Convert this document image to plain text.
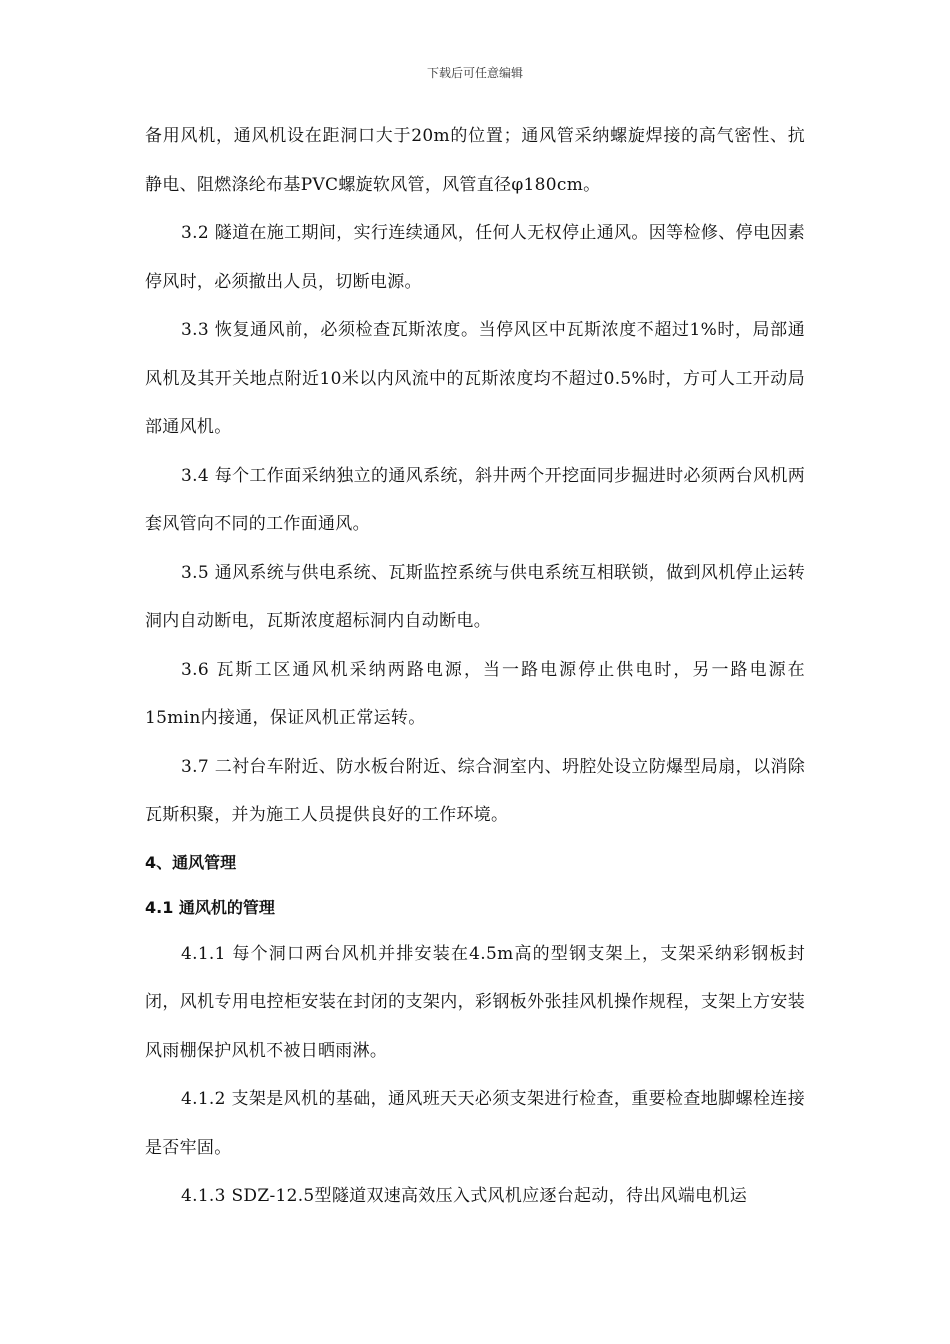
下载后可任意编辑

备用风机，通风机设在距洞口大于20m的位置；通风管采纳螺旋焊接的高气密性、抗静电、阻燃涤纶布基PVC螺旋软风管，风管直径φ180cm。

3.2 隧道在施工期间，实行连续通风，任何人无权停止通风。因等检修、停电因素停风时，必须撤出人员，切断电源。

3.3 恢复通风前，必须检查瓦斯浓度。当停风区中瓦斯浓度不超过1%时，局部通风机及其开关地点附近10米以内风流中的瓦斯浓度均不超过0.5%时，方可人工开动局部通风机。

3.4 每个工作面采纳独立的通风系统，斜井两个开挖面同步掘进时必须两台风机两套风管向不同的工作面通风。

3.5 通风系统与供电系统、瓦斯监控系统与供电系统互相联锁，做到风机停止运转洞内自动断电，瓦斯浓度超标洞内自动断电。

3.6 瓦斯工区通风机采纳两路电源，当一路电源停止供电时，另一路电源在15min内接通，保证风机正常运转。

3.7 二衬台车附近、防水板台附近、综合洞室内、坍腔处设立防爆型局扇，以消除瓦斯积聚，并为施工人员提供良好的工作环境。

4、通风管理

4.1 通风机的管理

4.1.1 每个洞口两台风机并排安装在4.5m高的型钢支架上，支架采纳彩钢板封闭，风机专用电控柜安装在封闭的支架内，彩钢板外张挂风机操作规程，支架上方安装风雨棚保护风机不被日晒雨淋。

4.1.2 支架是风机的基础，通风班天天必须支架进行检查，重要检查地脚螺栓连接是否牢固。

4.1.3 SDZ-12.5型隧道双速高效压入式风机应逐台起动，待出风端电机运
